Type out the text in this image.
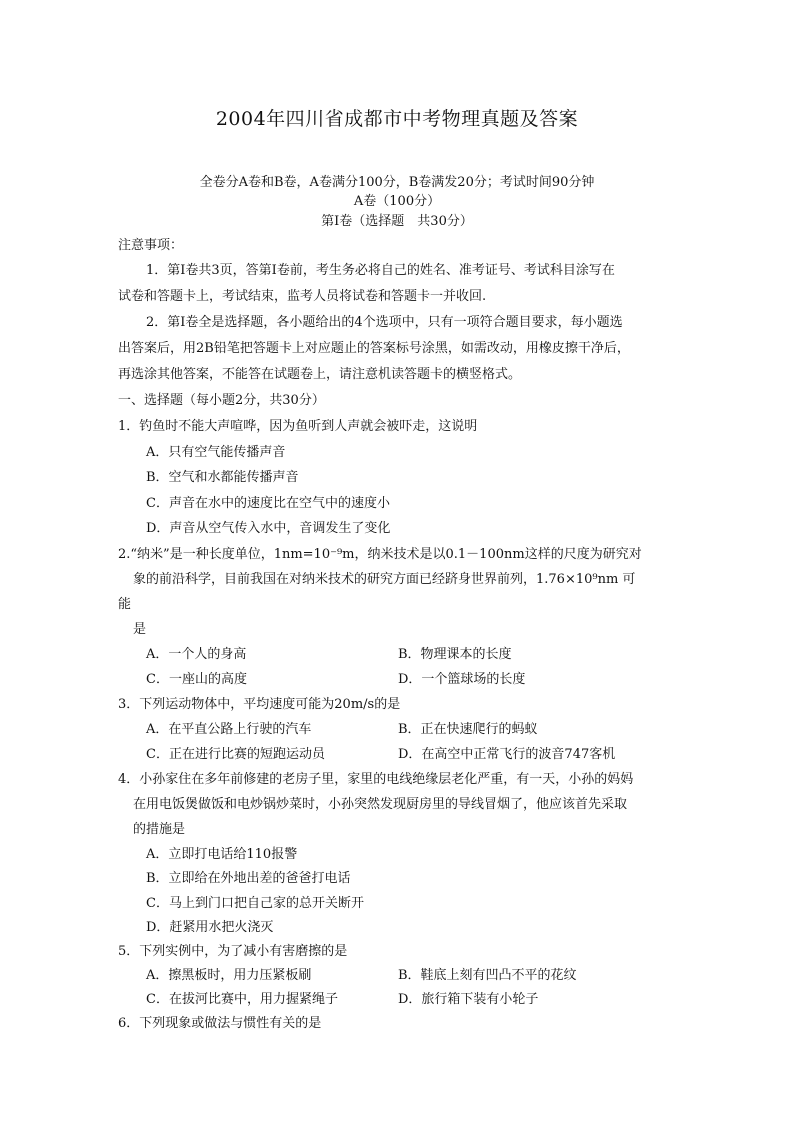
2004年四川省成都市中考物理真题及答案
全卷分A卷和B卷，A卷满分100分，B卷满发20分；考试时间90分钟
A卷（100分）
第Ⅰ卷（选择题　共30分）
注意事项：
1．第Ⅰ卷共3页，答第Ⅰ卷前，考生务必将自己的姓名、准考证号、考试科目涂写在
试卷和答题卡上，考试结束，监考人员将试卷和答题卡一并收回.
2．第Ⅰ卷全是选择题，各小题给出的4个选项中，只有一项符合题目要求，每小题选
出答案后，用2B铅笔把答题卡上对应题止的答案标号涂黑，如需改动，用橡皮擦干净后，
再选涂其他答案，不能答在试题卷上，请注意机读答题卡的横竖格式。
一、选择题（每小题2分，共30分）
1．钓鱼时不能大声喧哗，因为鱼听到人声就会被吓走，这说明
A．只有空气能传播声音
B．空气和水都能传播声音
C．声音在水中的速度比在空气中的速度小
D．声音从空气传入水中，音调发生了变化
2.“纳米”是一种长度单位，1nm=10⁻⁹m，纳米技术是以0.1－100nm这样的尺度为研究对
象的前沿科学，目前我国在对纳米技术的研究方面已经跻身世界前列，1.76×10⁹nm 可
能
是
A．一个人的身高	B．物理课本的长度
C．一座山的高度	D．一个篮球场的长度
3．下列运动物体中，平均速度可能为20m/s的是
A．在平直公路上行驶的汽车	B．正在快速爬行的蚂蚁
C．正在进行比赛的短跑运动员	D．在高空中正常飞行的波音747客机
4．小孙家住在多年前修建的老房子里，家里的电线绝缘层老化严重，有一天，小孙的妈妈
在用电饭煲做饭和电炒锅炒菜时，小孙突然发现厨房里的导线冒烟了，他应该首先采取
的措施是
A．立即打电话给110报警
B．立即给在外地出差的爸爸打电话
C．马上到门口把自己家的总开关断开
D．赶紧用水把火浇灭
5．下列实例中，为了减小有害磨擦的是
A．擦黑板时，用力压紧板刷	B．鞋底上刻有凹凸不平的花纹
C．在拔河比赛中，用力握紧绳子	D．旅行箱下装有小轮子
6．下列现象或做法与惯性有关的是
